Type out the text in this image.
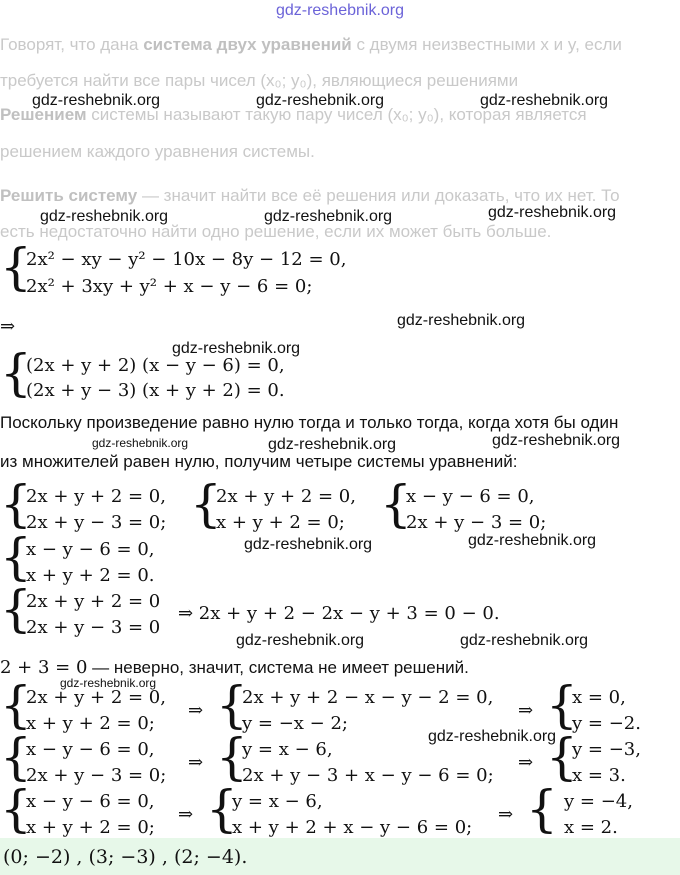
gdz-reshebnik.org
Говорят, что дана система двух уравнений с двумя неизвестными x и y, если
требуется найти все пары чисел (x₀; y₀), являющиеся решениями
Решением системы называют такую пару чисел (x₀; y₀), которая является
решением каждого уравнения системы.
Решить систему — значит найти все её решения или доказать, что их нет. То
есть недостаточно найти одно решение, если их может быть больше.
gdz-reshebnik.org	gdz-reshebnik.org	gdz-reshebnik.org
gdz-reshebnik.org	gdz-reshebnik.org	gdz-reshebnik.org
gdz-reshebnik.org
gdz-reshebnik.org
gdz-reshebnik.org	gdz-reshebnik.org	gdz-reshebnik.org
gdz-reshebnik.org	gdz-reshebnik.org
gdz-reshebnik.org	gdz-reshebnik.org
gdz-reshebnik.org
gdz-reshebnik.org
{
2x² − xy − y² − 10x − 8y − 12 = 0,
2x² + 3xy + y² + x − y − 6 = 0;
⇒
{
(2x + y + 2) (x − y − 6) = 0,
(2x + y − 3) (x + y + 2) = 0.
Поскольку произведение равно нулю тогда и только тогда, когда хотя бы один
из множителей равен нулю, получим четыре системы уравнений:
{
2x + y + 2 = 0,
2x + y − 3 = 0; {
2x + y + 2 = 0,
x + y + 2 = 0; {
x − y − 6 = 0,
2x + y − 3 = 0;
{
x − y − 6 = 0,
x + y + 2 = 0.
{
2x + y + 2 = 0
2x + y − 3 = 0
⇒ 2x + y + 2 − 2x − y + 3 = 0 − 0.
2 + 3 = 0 — неверно, значит, система не имеет решений.
{
2x + y + 2 = 0,
x + y + 2 = 0;
⇒ {
2x + y + 2 − x − y − 2 = 0,
y = −x − 2;
⇒ {
x = 0,
y = −2.
{
x − y − 6 = 0,
2x + y − 3 = 0;
⇒ {
y = x − 6,
2x + y − 3 + x − y − 6 = 0;
⇒ {
y = −3,
x = 3.
{
x − y − 6 = 0,
x + y + 2 = 0;
⇒ {
y = x − 6,
x + y + 2 + x − y − 6 = 0;
⇒ { y = −4,
x = 2.
(0; −2) , (3; −3) , (2; −4).
